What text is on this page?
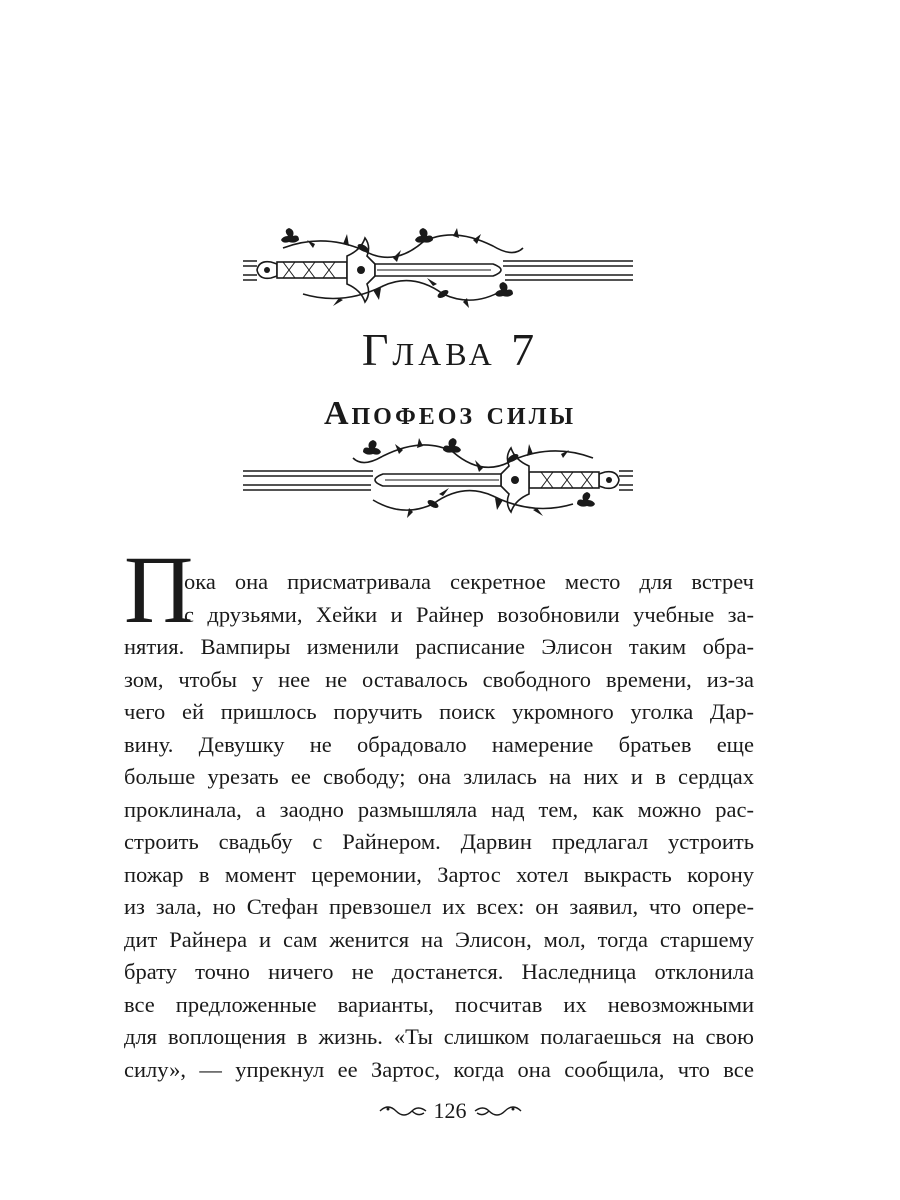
Глава 7
Апофеоз силы
П
ока она присматривала секретное место для встреч
с друзьями, Хейки и Райнер возобновили учебные за-
нятия. Вампиры изменили расписание Элисон таким обра-
зом, чтобы у нее не оставалось свободного времени, из-за
чего ей пришлось поручить поиск укромного уголка Дар-
вину. Девушку не обрадовало намерение братьев еще
больше урезать ее свободу; она злилась на них и в сердцах
проклинала, а заодно размышляла над тем, как можно рас-
строить свадьбу с Райнером. Дарвин предлагал устроить
пожар в момент церемонии, Зартос хотел выкрасть корону
из зала, но Стефан превзошел их всех: он заявил, что опере-
дит Райнера и сам женится на Элисон, мол, тогда старшему
брату точно ничего не достанется. Наследница отклонила
все предложенные варианты, посчитав их невозможными
для воплощения в жизнь. «Ты слишком полагаешься на свою
силу», — упрекнул ее Зартос, когда она сообщила, что все
126
